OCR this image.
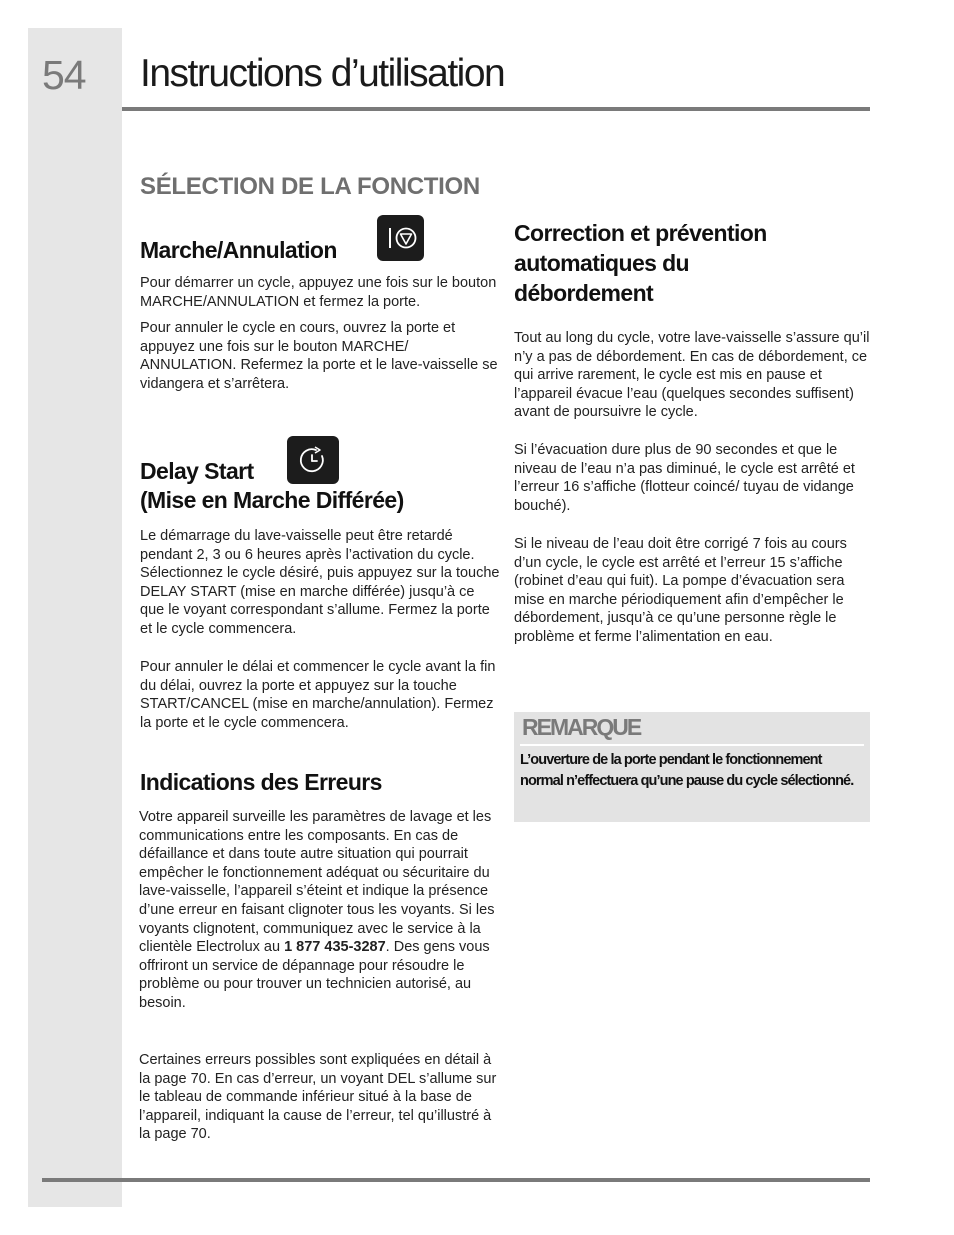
54 Instructions d’utilisation
SÉLECTION DE LA FONCTION
Marche/Annulation

Pour démarrer un cycle, appuyez une fois sur le bouton MARCHE/ANNULATION et fermez la porte.

Pour annuler le cycle en cours, ouvrez la porte et appuyez une fois sur le bouton MARCHE/ ANNULATION. Refermez la porte et le lave-vaisselle se vidangera et s’arrêtera.

Delay Start
(Mise en Marche Différée)

Le démarrage du lave-vaisselle peut être retardé pendant 2, 3 ou 6 heures après l’activation du cycle. Sélectionnez le cycle désiré, puis appuyez sur la touche DELAY START (mise en marche différée) jusqu’à ce que le voyant correspondant s’allume. Fermez la porte et le cycle commencera.

Pour annuler le délai et commencer le cycle avant la fin du délai, ouvrez la porte et appuyez sur la touche START/CANCEL (mise en marche/annulation). Fermez la porte et le cycle commencera.

Indications des Erreurs

Votre appareil surveille les paramètres de lavage et les communications entre les composants. En cas de défaillance et dans toute autre situation qui pourrait empêcher le fonctionnement adéquat ou sécuritaire du lave-vaisselle, l’appareil s’éteint et indique la présence d’une erreur en faisant clignoter tous les voyants. Si les voyants clignotent, communiquez avec le service à la clientèle Electrolux au 1 877 435-3287. Des gens vous offriront un service de dépannage pour résoudre le problème ou pour trouver un technicien autorisé, au besoin.

Certaines erreurs possibles sont expliquées en détail à la page 70. En cas d’erreur, un voyant DEL s’allume sur le tableau de commande inférieur situé à la base de l’appareil, indiquant la cause de l’erreur, tel qu’illustré à la page 70.

Correction et prévention
automatiques du
débordement

Tout au long du cycle, votre lave-vaisselle s’assure qu’il n’y a pas de débordement. En cas de débordement, ce qui arrive rarement, le cycle est mis en pause et l’appareil évacue l’eau (quelques secondes suffisent) avant de poursuivre le cycle.

Si l’évacuation dure plus de 90 secondes et que le niveau de l’eau n’a pas diminué, le cycle est arrêté et l’erreur 16 s’affiche (flotteur coincé/ tuyau de vidange bouché).

Si le niveau de l’eau doit être corrigé 7 fois au cours d’un cycle, le cycle est arrêté et l’erreur 15 s’affiche (robinet d’eau qui fuit). La pompe d’évacuation sera mise en marche périodiquement afin d’empêcher le débordement, jusqu’à ce qu’une personne règle le problème et ferme l’alimentation en eau.

REMARQUE
L’ouverture de la porte pendant le fonctionnement normal n’effectuera qu’une pause du cycle sélectionné.
